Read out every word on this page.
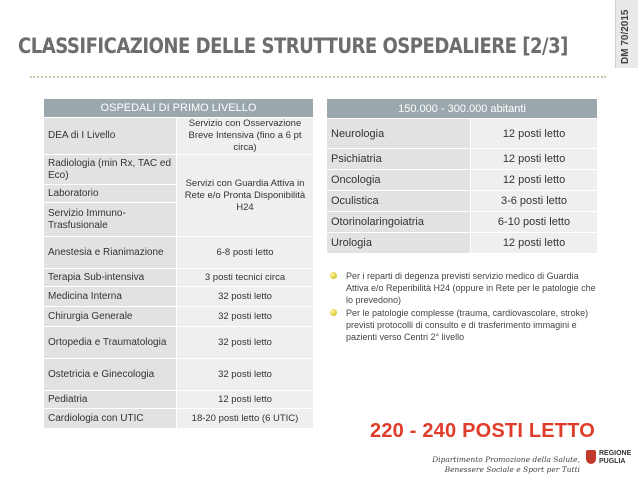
DM 70/2015
CLASSIFICAZIONE DELLE STRUTTURE OSPEDALIERE [2/3]
OSPEDALI DI PRIMO LIVELLO	
DEA di I Livello	Servizio con Osservazione Breve Intensiva (fino a 6 pt circa)
Radiologia (min Rx, TAC ed Eco)	Servizi con Guardia Attiva in Rete e/o Pronta Disponibilità H24
Laboratorio	
Servizio Immuno-Trasfusionale	
Anestesia e Rianimazione	6-8 posti letto
Terapia Sub-intensiva	3 posti tecnici circa
Medicina Interna	32 posti letto
Chirurgia Generale	32 posti letto
Ortopedia e Traumatologia	32 posti letto
Ostetricia e Ginecologia	32 posti letto
Pediatria	12 posti letto
Cardiologia con UTIC	18-20 posti letto (6 UTIC)
150.000 - 300.000 abitanti	
Neurologia	12 posti letto
Psichiatria	12 posti letto
Oncologia	12 posti letto
Oculistica	3-6 posti letto
Otorinolaringoiatria	6-10 posti letto
Urologia	12 posti letto
Per i reparti di degenza previsti servizio medico di Guardia Attiva e/o Reperibilità H24 (oppure in Rete per le patologie che lo prevedono)
Per le patologie complesse (trauma, cardiovascolare, stroke) previsti protocolli di consulto e di trasferimento immagini e pazienti verso Centri 2° livello
220 - 240 POSTI LETTO
Dipartimento Promozione della Salute,
Benessere Sociale e Sport per Tutti
REGIONE
PUGLIA
